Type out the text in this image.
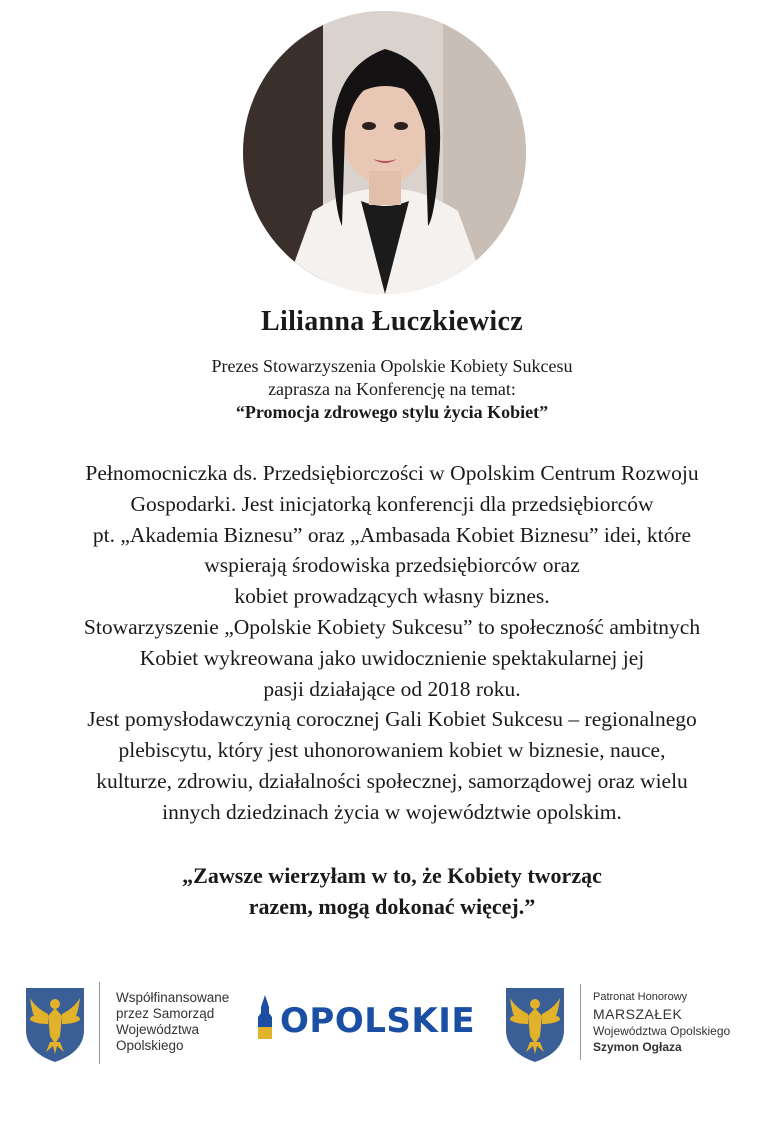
Lilianna Łuczkiewicz
Prezes Stowarzyszenia Opolskie Kobiety Sukcesu
zaprasza na Konferencję na temat:
“Promocja zdrowego stylu życia Kobiet”
Pełnomocniczka ds. Przedsiębiorczości w Opolskim Centrum Rozwoju
Gospodarki. Jest inicjatorką konferencji dla przedsiębiorców
pt. „Akademia Biznesu” oraz „Ambasada Kobiet Biznesu” idei, które
wspierają środowiska przedsiębiorców oraz
kobiet prowadzących własny biznes.
Stowarzyszenie „Opolskie Kobiety Sukcesu” to społeczność ambitnych
Kobiet wykreowana jako uwidocznienie spektakularnej jej
pasji działające od 2018 roku.
Jest pomysłodawczynią corocznej Gali Kobiet Sukcesu – regionalnego
plebiscytu, który jest uhonorowaniem kobiet w biznesie, nauce,
kulturze, zdrowiu, działalności społecznej, samorządowej oraz wielu
innych dziedzinach życia w województwie opolskim.
„Zawsze wierzyłam w to, że Kobiety tworząc
razem, mogą dokonać więcej.”
Współfinansowane
przez Samorząd
Województwa
Opolskiego
OPOLSKIE
Patronat Honorowy
MARSZAŁEK
Województwa Opolskiego
Szymon Ogłaza
